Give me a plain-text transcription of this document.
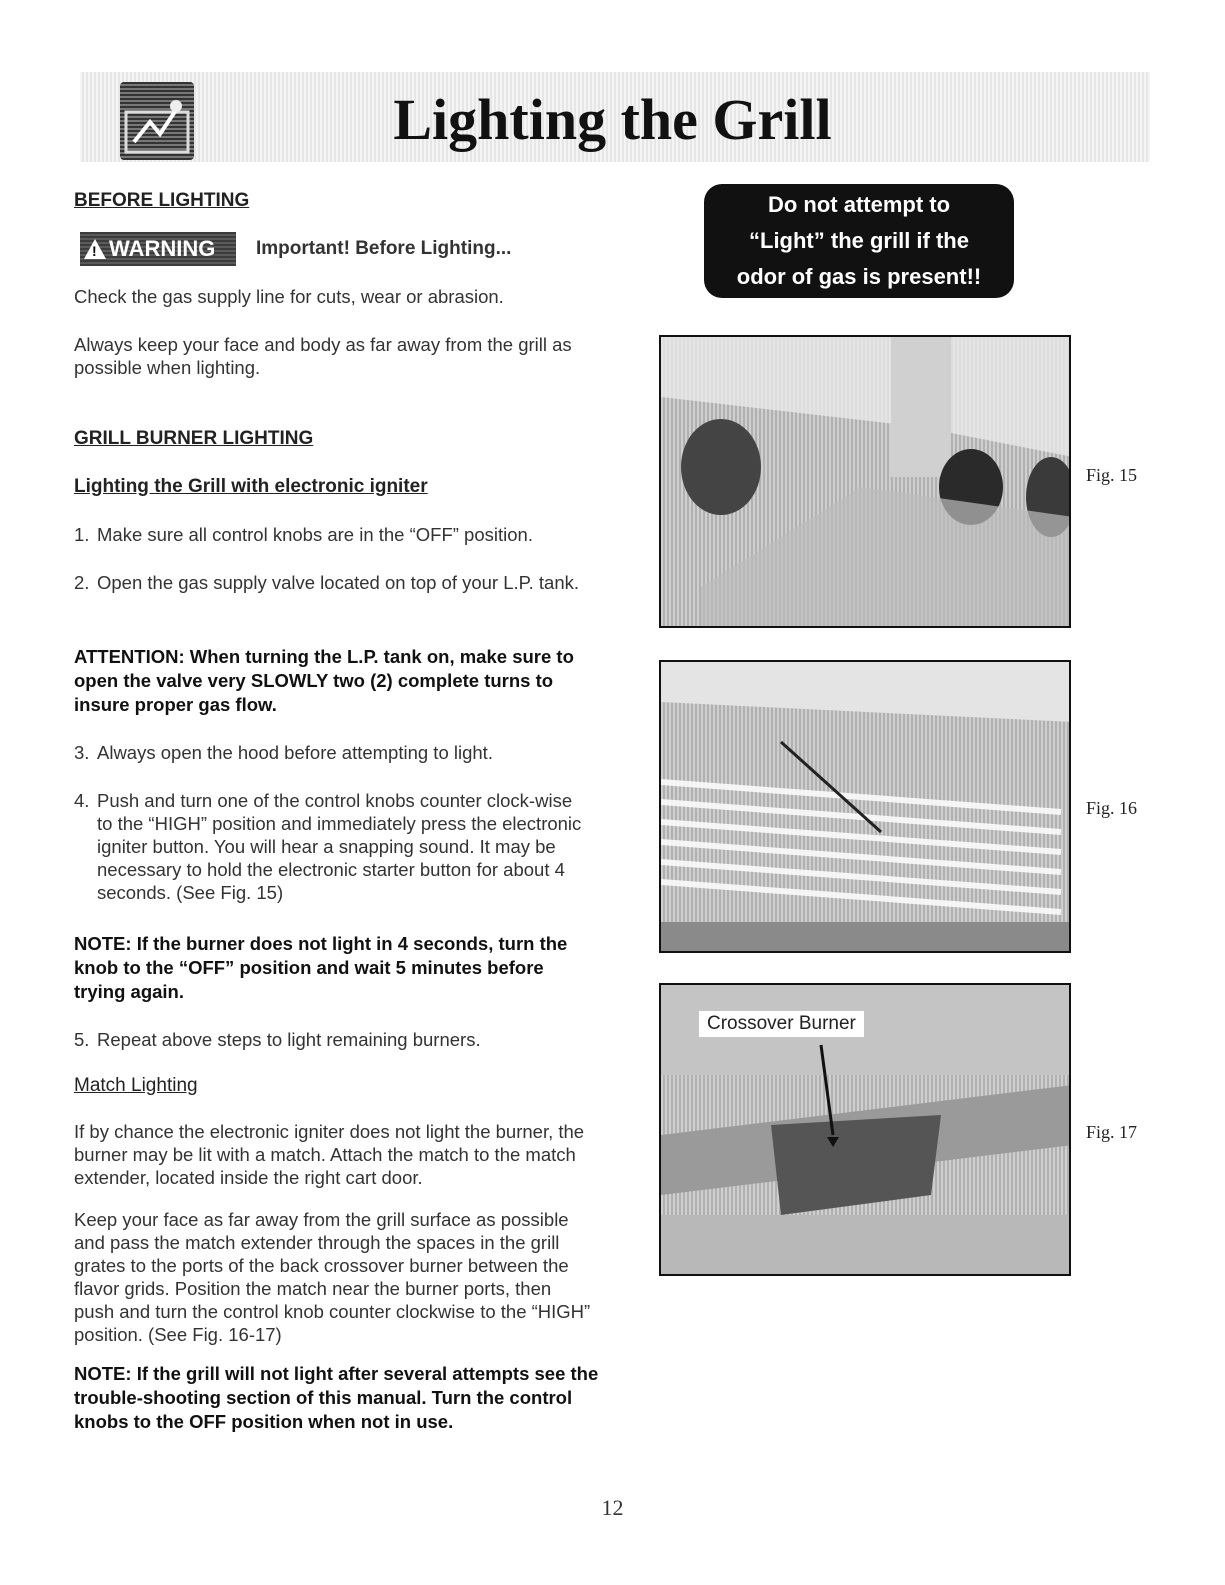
Lighting the Grill

BEFORE LIGHTING

! WARNING Important! Before Lighting...

Check the gas supply line for cuts, wear or abrasion.

Always keep your face and body as far away from the grill as possible when lighting.

GRILL BURNER LIGHTING

Lighting the Grill with electronic igniter

1. Make sure all control knobs are in the “OFF” position.
2. Open the gas supply valve located on top of your L.P. tank.

ATTENTION: When turning the L.P. tank on, make sure to open the valve very SLOWLY two (2) complete turns to insure proper gas flow.

3. Always open the hood before attempting to light.
4. Push and turn one of the control knobs counter clock-wise to the “HIGH” position and immediately press the electronic igniter button. You will hear a snapping sound. It may be necessary to hold the electronic starter button for about 4 seconds. (See Fig. 15)

NOTE: If the burner does not light in 4 seconds, turn the knob to the “OFF” position and wait 5 minutes before trying again.

5. Repeat above steps to light remaining burners.

Match Lighting

If by chance the electronic igniter does not light the burner, the burner may be lit with a match. Attach the match to the match extender, located inside the right cart door.

Keep your face as far away from the grill surface as possible and pass the match extender through the spaces in the grill grates to the ports of the back crossover burner between the flavor grids. Position the match near the burner ports, then push and turn the control knob counter clockwise to the “HIGH” position. (See Fig. 16-17)

NOTE: If the grill will not light after several attempts see the trouble-shooting section of this manual. Turn the control knobs to the OFF position when not in use.

Do not attempt to
“Light” the grill if the
odor of gas is present!!
Fig. 15
Fig. 16
Crossover Burner
Fig. 17
12
